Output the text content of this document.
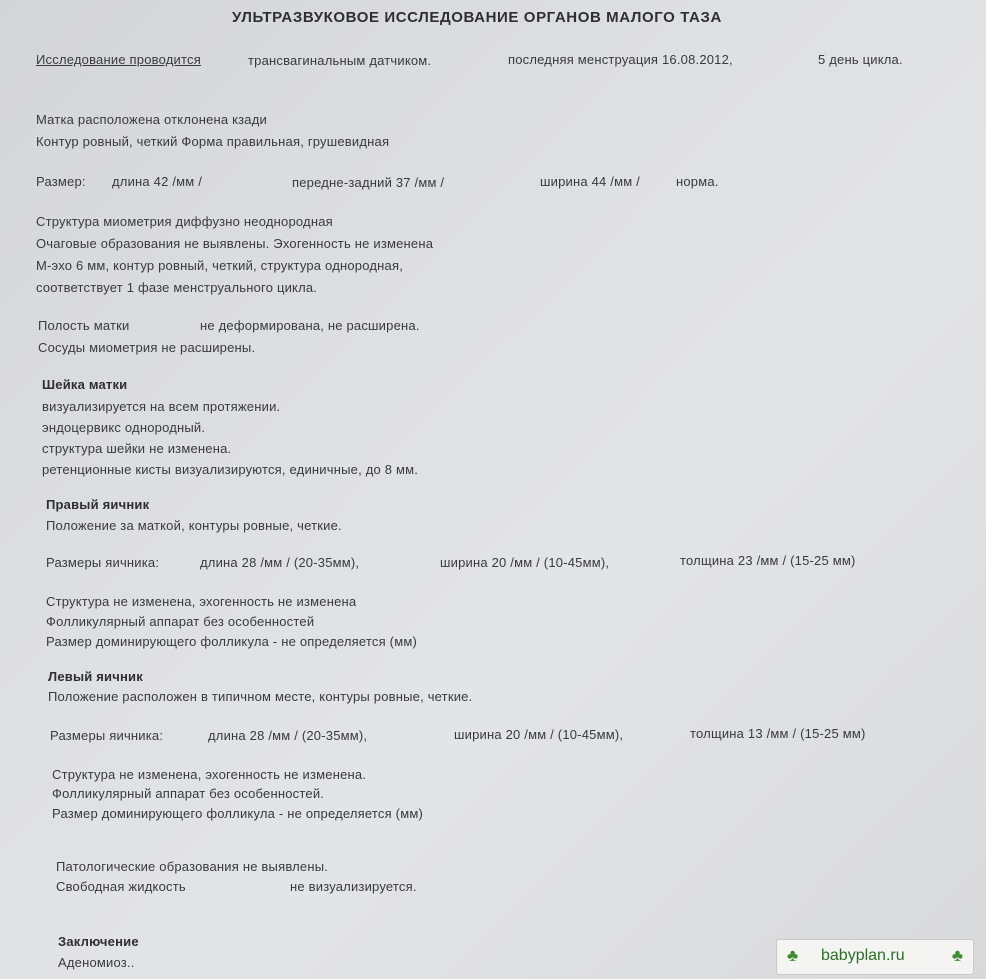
УЛЬТРАЗВУКОВОЕ ИССЛЕДОВАНИЕ ОРГАНОВ МАЛОГО ТАЗА
Исследование проводится	трансвагинальным датчиком.	последняя менструация 16.08.2012,	5 день цикла.
Матка расположена отклонена кзади
Контур ровный, четкий Форма правильная, грушевидная
Размер: длина 42 /мм /	передне-задний 37 /мм /	ширина 44 /мм /	норма.
Структура миометрия диффузно неоднородная
Очаговые образования не выявлены. Эхогенность не изменена
М-эхо 6 мм, контур ровный, четкий, структура однородная,
соответствует 1 фазе менструального цикла.
Полость матки	не деформирована, не расширена.
Сосуды миометрия не расширены.
Шейка матки
визуализируется на всем протяжении.
эндоцервикс однородный.
структура шейки не изменена.
ретенционные кисты визуализируются, единичные, до 8 мм.
Правый яичник
Положение за маткой, контуры ровные, четкие.
Размеры яичника:	длина 28 /мм / (20-35мм),	ширина 20 /мм / (10-45мм),	толщина 23 /мм / (15-25 мм)
Структура не изменена, эхогенность не изменена
Фолликулярный аппарат без особенностей
Размер доминирующего фолликула - не определяется (мм)
Левый яичник
Положение расположен в типичном месте, контуры ровные, четкие.
Размеры яичника:	длина 28 /мм / (20-35мм),	ширина 20 /мм / (10-45мм),	толщина 13 /мм / (15-25 мм)
Структура не изменена, эхогенность не изменена.
Фолликулярный аппарат без особенностей.
Размер доминирующего фолликула - не определяется (мм)
Патологические образования не выявлены.
Свободная жидкость	не визуализируется.
Заключение
Аденомиоз..	♣ babyplan.ru	♣
